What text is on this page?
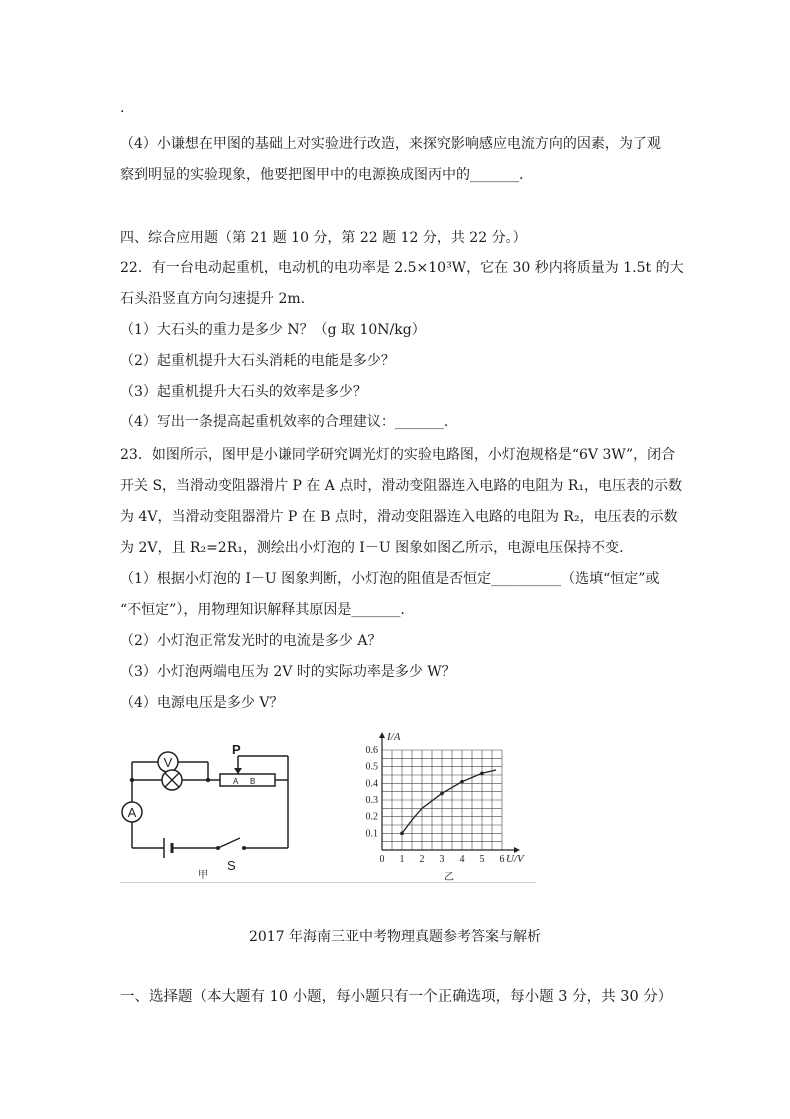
.
（4）小谦想在甲图的基础上对实验进行改造，来探究影响感应电流方向的因素，为了观
察到明显的实验现象，他要把图甲中的电源换成图丙中的_______.
四、综合应用题（第 21 题 10 分，第 22 题 12 分，共 22 分。）
22．有一台电动起重机，电动机的电功率是 2.5×10³W，它在 30 秒内将质量为 1.5t 的大
石头沿竖直方向匀速提升 2m.
（1）大石头的重力是多少 N？（g 取 10N/kg）
（2）起重机提升大石头消耗的电能是多少？
（3）起重机提升大石头的效率是多少？
（4）写出一条提高起重机效率的合理建议：_______.
23．如图所示，图甲是小谦同学研究调光灯的实验电路图，小灯泡规格是“6V 3W”，闭合
开关 S，当滑动变阻器滑片 P 在 A 点时，滑动变阻器连入电路的电阻为 R₁，电压表的示数
为 4V，当滑动变阻器滑片 P 在 B 点时，滑动变阻器连入电路的电阻为 R₂，电压表的示数
为 2V，且 R₂=2R₁，测绘出小灯泡的 I－U 图象如图乙所示，电源电压保持不变.
（1）根据小灯泡的 I－U 图象判断，小灯泡的阻值是否恒定__________（选填“恒定”或
“不恒定”），用物理知识解释其原因是_______.
（2）小灯泡正常发光时的电流是多少 A？
（3）小灯泡两端电压为 2V 时的实际功率是多少 W？
（4）电源电压是多少 V？
V
A
P
A B
S
甲
0 1 2 3 4 5 6
0.1
0.2
0.3
0.4
0.5
0.6
U/V
I/A
乙
2017 年海南三亚中考物理真题参考答案与解析
一、选择题（本大题有 10 小题，每小题只有一个正确选项，每小题 3 分，共 30 分）
